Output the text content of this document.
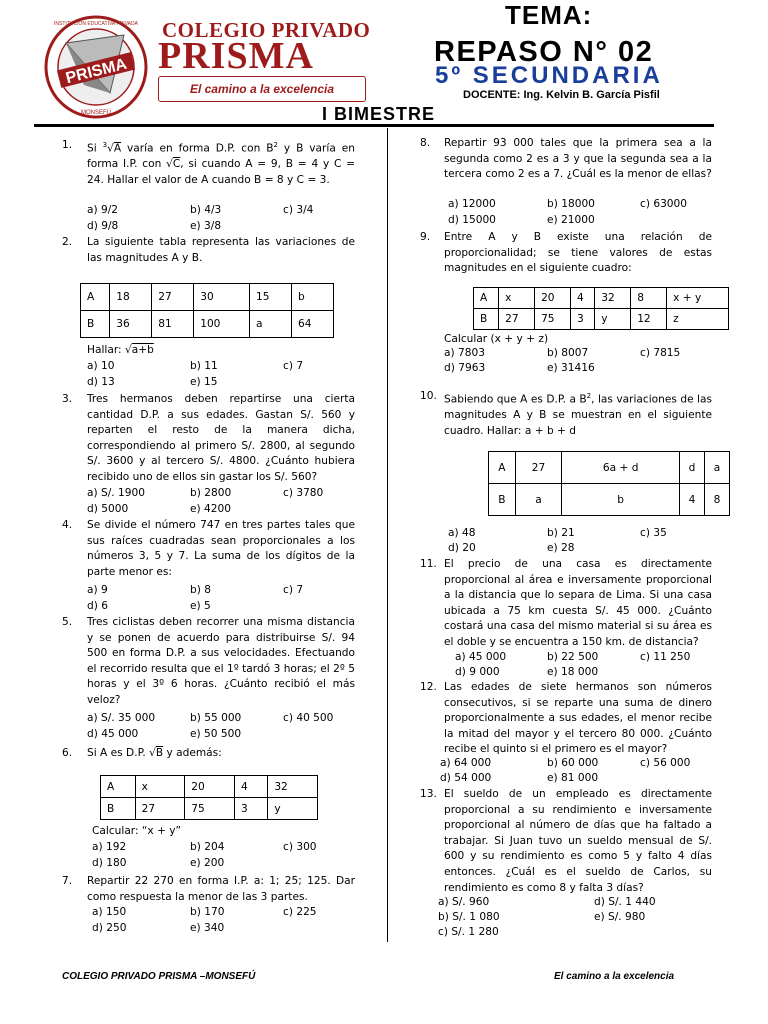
PRISMA
INSTITUCIÓN EDUCATIVA PRIVADA
MONSEFÚ
COLEGIO PRIVADO
PRISMA
El camino a la excelencia
TEMA:
REPASO N° 02
5º SECUNDARIA
DOCENTE: Ing. Kelvin B. García Pisfil
I BIMESTRE
1. Si $^3$√A varía en forma D.P. con $B^2$ y B varía en forma I.P. con √C, si cuando A = 9, B = 4 y C = 24. Hallar el valor de A cuando B = 8 y C = 3.
a) 9/2	b) 4/3	c) 3/4
d) 9/8	e) 3/8
2. La siguiente tabla representa las variaciones de las magnitudes A y B.
A	18	27	30	15	b
B	36	81	100	a	64
Hallar: √a+b
a) 10	b) 11	c) 7
d) 13	e) 15
3. Tres hermanos deben repartirse una cierta cantidad D.P. a sus edades. Gastan S/. 560 y reparten el resto de la manera dicha, correspondiendo al primero S/. 2800, al segundo S/. 3600 y al tercero S/. 4800. ¿Cuánto hubiera recibido uno de ellos sin gastar los S/. 560?
a) S/. 1900	b) 2800	c) 3780
d) 5000	e) 4200
4. Se divide el número 747 en tres partes tales que sus raíces cuadradas sean proporcionales a los números 3, 5 y 7. La suma de los dígitos de la parte menor es:
a) 9	b) 8	c) 7
d) 6	e) 5
5. Tres ciclistas deben recorrer una misma distancia y se ponen de acuerdo para distribuirse S/. 94 500 en forma D.P. a sus velocidades. Efectuando el recorrido resulta que el 1º tardó 3 horas; el 2º 5 horas y el 3º 6 horas. ¿Cuánto recibió el más veloz?
a) S/. 35 000	b) 55 000	c) 40 500
d) 45 000	e) 50 500
6. Si A es D.P. √B y además:
A	x	20	4	32
B	27	75	3	y
Calcular: “x + y”
a) 192	b) 204	c) 300
d) 180	e) 200
7. Repartir 22 270 en forma I.P. a: 1; 25; 125. Dar como respuesta la menor de las 3 partes.
a) 150	b) 170	c) 225
d) 250	e) 340
8. Repartir 93 000 tales que la primera sea a la segunda como 2 es a 3 y que la segunda sea a la tercera como 2 es a 7. ¿Cuál es la menor de ellas?
a) 12000	b) 18000	c) 63000
d) 15000	e) 21000
9. Entre A y B existe una relación de proporcionalidad; se tiene valores de estas magnitudes en el siguiente cuadro:
A	x	20	4	32	8	x + y
B	27	75	3	y	12	z
Calcular (x + y + z)
a) 7803	b) 8007	c) 7815
d) 7963	e) 31416
10. Sabiendo que A es D.P. a $B^2$, las variaciones de las magnitudes A y B se muestran en el siguiente cuadro. Hallar: a + b + d
A	27	6a + d	d	a
B	a	b	4	8
a) 48	b) 21	c) 35
d) 20	e) 28
11. El precio de una casa es directamente proporcional al área e inversamente proporcional a la distancia que lo separa de Lima. Si una casa ubicada a 75 km cuesta S/. 45 000. ¿Cuánto costará una casa del mismo material si su área es el doble y se encuentra a 150 km. de distancia?
a) 45 000	b) 22 500	c) 11 250
d) 9 000	e) 18 000
12. Las edades de siete hermanos son números consecutivos, si se reparte una suma de dinero proporcionalmente a sus edades, el menor recibe la mitad del mayor y el tercero 80 000. ¿Cuánto recibe el quinto si el primero es el mayor?
a) 64 000	b) 60 000	c) 56 000
d) 54 000	e) 81 000
13. El sueldo de un empleado es directamente proporcional a su rendimiento e inversamente proporcional al número de días que ha faltado a trabajar. Si Juan tuvo un sueldo mensual de S/. 600 y su rendimiento es como 5 y falto 4 días entonces. ¿Cuál es el sueldo de Carlos, su rendimiento es como 8 y falta 3 días?
a) S/. 960	d) S/. 1 440
b) S/. 1 080	e) S/. 980
c) S/. 1 280
COLEGIO PRIVADO PRISMA –MONSEFÚ	El camino a la excelencia
